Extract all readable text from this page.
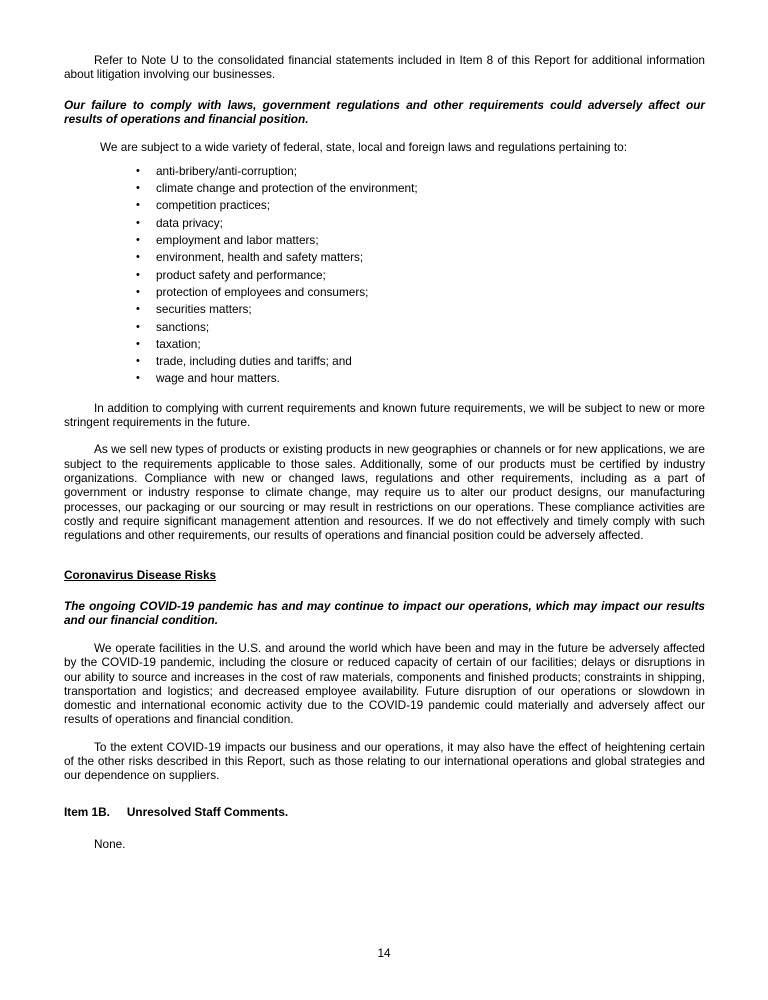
Refer to Note U to the consolidated financial statements included in Item 8 of this Report for additional information about litigation involving our businesses.

Our failure to comply with laws, government regulations and other requirements could adversely affect our results of operations and financial position.

We are subject to a wide variety of federal, state, local and foreign laws and regulations pertaining to:

• anti-bribery/anti-corruption;
• climate change and protection of the environment;
• competition practices;
• data privacy;
• employment and labor matters;
• environment, health and safety matters;
• product safety and performance;
• protection of employees and consumers;
• securities matters;
• sanctions;
• taxation;
• trade, including duties and tariffs; and
• wage and hour matters.

In addition to complying with current requirements and known future requirements, we will be subject to new or more stringent requirements in the future.

As we sell new types of products or existing products in new geographies or channels or for new applications, we are subject to the requirements applicable to those sales. Additionally, some of our products must be certified by industry organizations. Compliance with new or changed laws, regulations and other requirements, including as a part of government or industry response to climate change, may require us to alter our product designs, our manufacturing processes, our packaging or our sourcing or may result in restrictions on our operations. These compliance activities are costly and require significant management attention and resources. If we do not effectively and timely comply with such regulations and other requirements, our results of operations and financial position could be adversely affected.

Coronavirus Disease Risks

The ongoing COVID-19 pandemic has and may continue to impact our operations, which may impact our results and our financial condition.

We operate facilities in the U.S. and around the world which have been and may in the future be adversely affected by the COVID-19 pandemic, including the closure or reduced capacity of certain of our facilities; delays or disruptions in our ability to source and increases in the cost of raw materials, components and finished products; constraints in shipping, transportation and logistics; and decreased employee availability. Future disruption of our operations or slowdown in domestic and international economic activity due to the COVID-19 pandemic could materially and adversely affect our results of operations and financial condition.

To the extent COVID-19 impacts our business and our operations, it may also have the effect of heightening certain of the other risks described in this Report, such as those relating to our international operations and global strategies and our dependence on suppliers.

Item 1B. Unresolved Staff Comments.

None.

14
